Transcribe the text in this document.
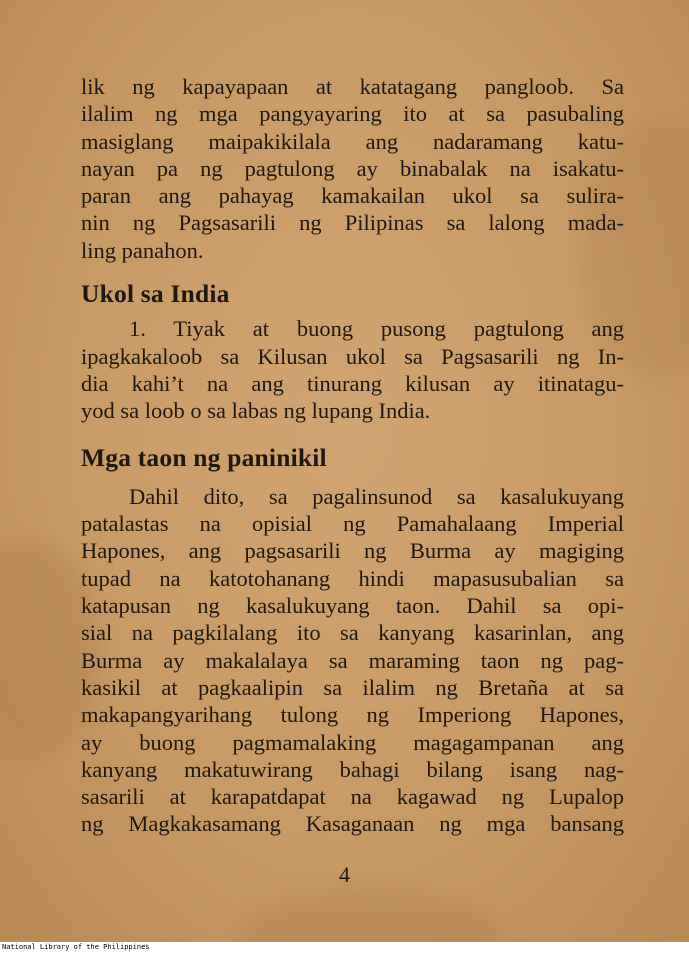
lik ng kapayapaan at katatagang pangloob. Sa
ilalim ng mga pangyayaring ito at sa pasubaling
masiglang maipakikilala ang nadaramang katu-
nayan pa ng pagtulong ay binabalak na isakatu-
paran ang pahayag kamakailan ukol sa sulira-
nin ng Pagsasarili ng Pilipinas sa lalong mada-
ling panahon.

Ukol sa India

1. Tiyak at buong pusong pagtulong ang
ipagkakaloob sa Kilusan ukol sa Pagsasarili ng In-
dia kahi’t na ang tinurang kilusan ay itinatagu-
yod sa loob o sa labas ng lupang India.

Mga taon ng paninikil

Dahil dito, sa pagalinsunod sa kasalukuyang
patalastas na opisial ng Pamahalaang Imperial
Hapones, ang pagsasarili ng Burma ay magiging
tupad na katotohanang hindi mapasusubalian sa
katapusan ng kasalukuyang taon. Dahil sa opi-
sial na pagkilalang ito sa kanyang kasarinlan, ang
Burma ay makalalaya sa maraming taon ng pag-
kasikil at pagkaalipin sa ilalim ng Bretaña at sa
makapangyarihang tulong ng Imperiong Hapones,
ay buong pagmamalaking magagampanan ang
kanyang makatuwirang bahagi bilang isang nag-
sasarili at karapatdapat na kagawad ng Lupalop
ng Magkakasamang Kasaganaan ng mga bansang

4
National Library of the Philippines
